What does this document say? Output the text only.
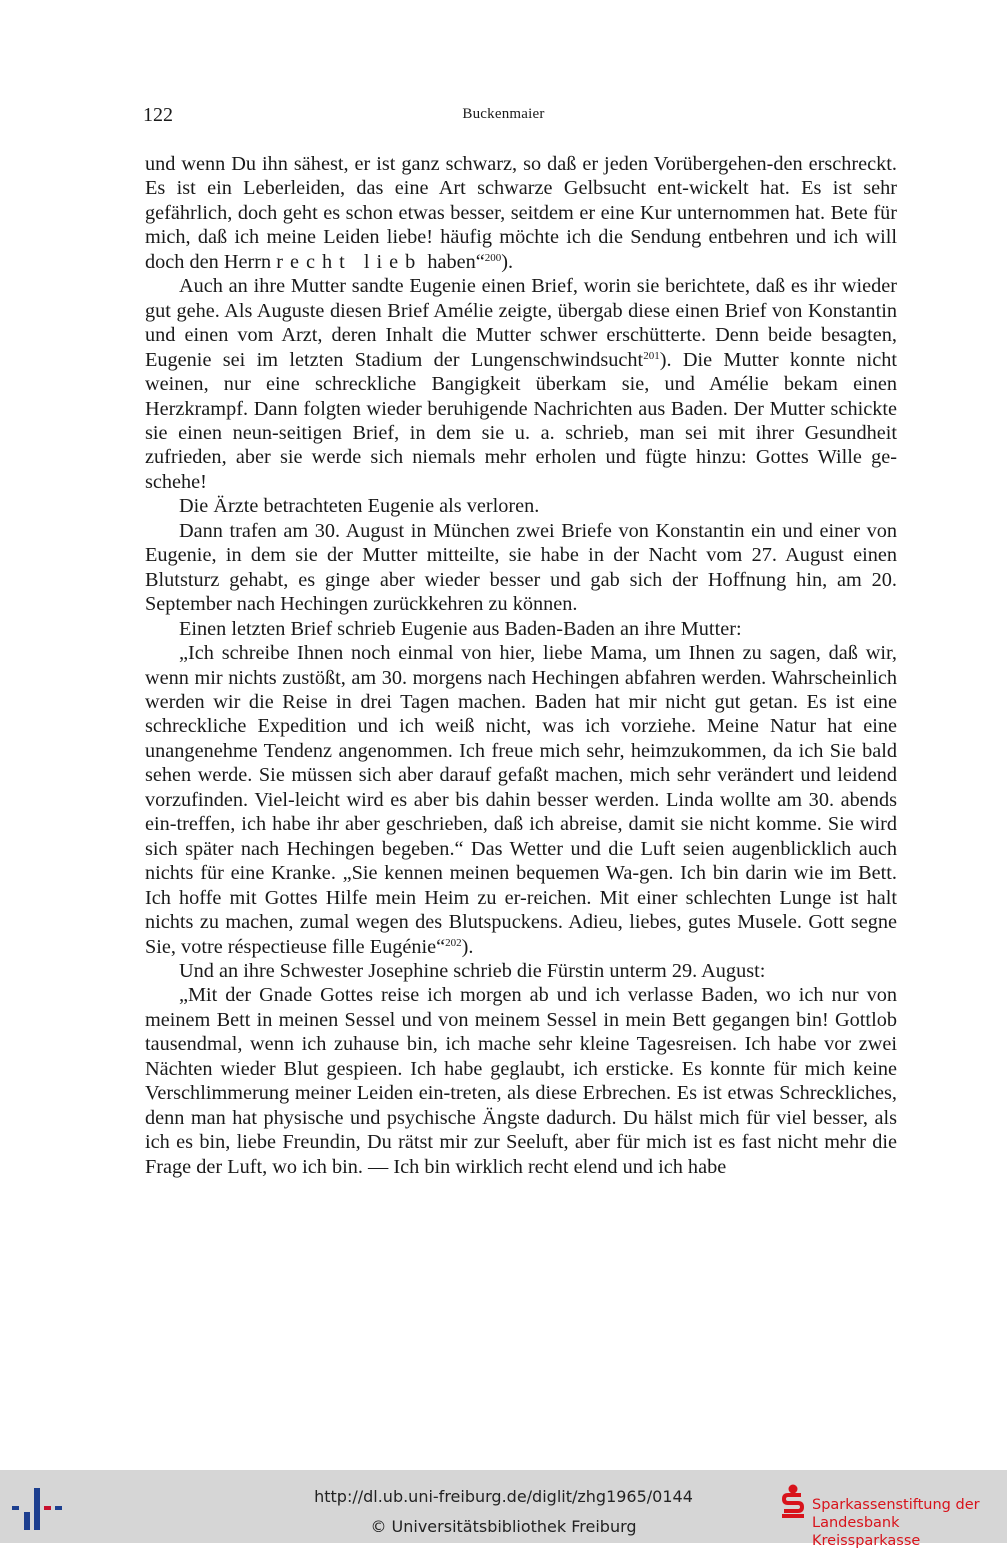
122	Buckenmaier

und wenn Du ihn sähest, er ist ganz schwarz, so daß er jeden Vorübergehen-den erschreckt. Es ist ein Leberleiden, das eine Art schwarze Gelbsucht ent-wickelt hat. Es ist sehr gefährlich, doch geht es schon etwas besser, seitdem er eine Kur unternommen hat. Bete für mich, daß ich meine Leiden liebe! häufig möchte ich die Sendung entbehren und ich will doch den Herrn recht lieb haben“$^{200}$).

Auch an ihre Mutter sandte Eugenie einen Brief, worin sie berichtete, daß es ihr wieder gut gehe. Als Auguste diesen Brief Amélie zeigte, übergab diese einen Brief von Konstantin und einen vom Arzt, deren Inhalt die Mutter schwer erschütterte. Denn beide besagten, Eugenie sei im letzten Stadium der Lungenschwindsucht$^{201}$). Die Mutter konnte nicht weinen, nur eine schreckliche Bangigkeit überkam sie, und Amélie bekam einen Herzkrampf. Dann folgten wieder beruhigende Nachrichten aus Baden. Der Mutter schickte sie einen neun-seitigen Brief, in dem sie u. a. schrieb, man sei mit ihrer Gesundheit zufrieden, aber sie werde sich niemals mehr erholen und fügte hinzu: Gottes Wille ge-schehe!

Die Ärzte betrachteten Eugenie als verloren.

Dann trafen am 30. August in München zwei Briefe von Konstantin ein und einer von Eugenie, in dem sie der Mutter mitteilte, sie habe in der Nacht vom 27. August einen Blutsturz gehabt, es ginge aber wieder besser und gab sich der Hoffnung hin, am 20. September nach Hechingen zurückkehren zu können.

Einen letzten Brief schrieb Eugenie aus Baden-Baden an ihre Mutter:

„Ich schreibe Ihnen noch einmal von hier, liebe Mama, um Ihnen zu sagen, daß wir, wenn mir nichts zustößt, am 30. morgens nach Hechingen abfahren werden. Wahrscheinlich werden wir die Reise in drei Tagen machen. Baden hat mir nicht gut getan. Es ist eine schreckliche Expedition und ich weiß nicht, was ich vorziehe. Meine Natur hat eine unangenehme Tendenz angenommen. Ich freue mich sehr, heimzukommen, da ich Sie bald sehen werde. Sie müssen sich aber darauf gefaßt machen, mich sehr verändert und leidend vorzufinden. Viel-leicht wird es aber bis dahin besser werden. Linda wollte am 30. abends ein-treffen, ich habe ihr aber geschrieben, daß ich abreise, damit sie nicht komme. Sie wird sich später nach Hechingen begeben.“ Das Wetter und die Luft seien augenblicklich auch nichts für eine Kranke. „Sie kennen meinen bequemen Wa-gen. Ich bin darin wie im Bett. Ich hoffe mit Gottes Hilfe mein Heim zu er-reichen. Mit einer schlechten Lunge ist halt nichts zu machen, zumal wegen des Blutspuckens. Adieu, liebes, gutes Musele. Gott segne Sie, votre réspectieuse fille Eugénie“$^{202}$).

Und an ihre Schwester Josephine schrieb die Fürstin unterm 29. August:

„Mit der Gnade Gottes reise ich morgen ab und ich verlasse Baden, wo ich nur von meinem Bett in meinen Sessel und von meinem Sessel in mein Bett gegangen bin! Gottlob tausendmal, wenn ich zuhause bin, ich mache sehr kleine Tagesreisen. Ich habe vor zwei Nächten wieder Blut gespieen. Ich habe geglaubt, ich ersticke. Es konnte für mich keine Verschlimmerung meiner Leiden ein-treten, als diese Erbrechen. Es ist etwas Schreckliches, denn man hat physische und psychische Ängste dadurch. Du hälst mich für viel besser, als ich es bin, liebe Freundin, Du rätst mir zur Seeluft, aber für mich ist es fast nicht mehr die Frage der Luft, wo ich bin. — Ich bin wirklich recht elend und ich habe

http://dl.ub.uni-freiburg.de/diglit/zhg1965/0144
© Universitätsbibliothek Freiburg
Sparkassenstiftung der
Landesbank Kreissparkasse
